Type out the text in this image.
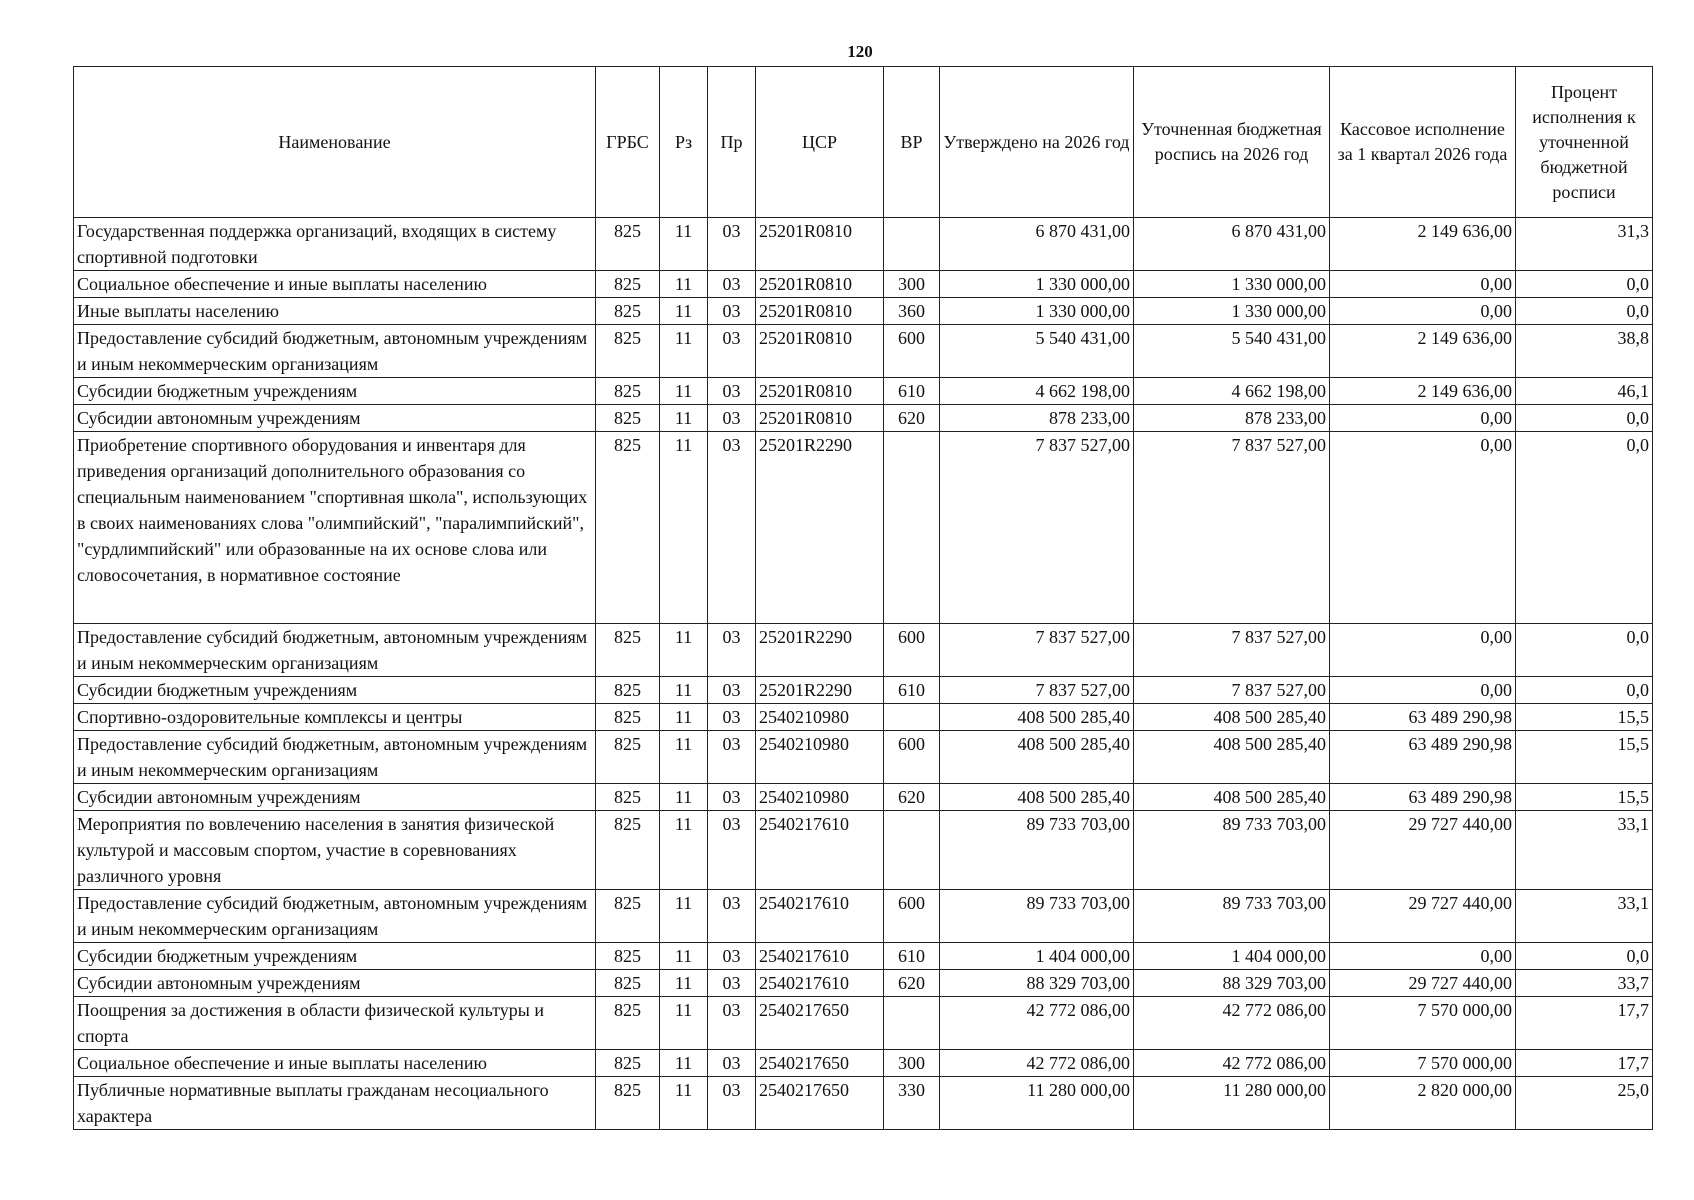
120
Наименование	ГРБС	Рз	Пр	ЦСР	ВР	Утверждено на 2026 год	Уточненная бюджетная роспись на 2026 год	Кассовое исполнение за 1 квартал 2026 года	Процент исполнения к уточненной бюджетной росписи
Государственная поддержка организаций, входящих в систему спортивной подготовки	825	11	03	25201R0810		6 870 431,00	6 870 431,00	2 149 636,00	31,3
Социальное обеспечение и иные выплаты населению	825	11	03	25201R0810	300	1 330 000,00	1 330 000,00	0,00	0,0
Иные выплаты населению	825	11	03	25201R0810	360	1 330 000,00	1 330 000,00	0,00	0,0
Предоставление субсидий бюджетным, автономным учреждениям и иным некоммерческим организациям	825	11	03	25201R0810	600	5 540 431,00	5 540 431,00	2 149 636,00	38,8
Субсидии бюджетным учреждениям	825	11	03	25201R0810	610	4 662 198,00	4 662 198,00	2 149 636,00	46,1
Субсидии автономным учреждениям	825	11	03	25201R0810	620	878 233,00	878 233,00	0,00	0,0
Приобретение спортивного оборудования и инвентаря для приведения организаций дополнительного образования со специальным наименованием "спортивная школа", использующих в своих наименованиях слова "олимпийский", "паралимпийский", "сурдлимпийский" или образованные на их основе слова или словосочетания, в нормативное состояние	825	11	03	25201R2290		7 837 527,00	7 837 527,00	0,00	0,0
Предоставление субсидий бюджетным, автономным учреждениям и иным некоммерческим организациям	825	11	03	25201R2290	600	7 837 527,00	7 837 527,00	0,00	0,0
Субсидии бюджетным учреждениям	825	11	03	25201R2290	610	7 837 527,00	7 837 527,00	0,00	0,0
Спортивно-оздоровительные комплексы и центры	825	11	03	2540210980		408 500 285,40	408 500 285,40	63 489 290,98	15,5
Предоставление субсидий бюджетным, автономным учреждениям и иным некоммерческим организациям	825	11	03	2540210980	600	408 500 285,40	408 500 285,40	63 489 290,98	15,5
Субсидии автономным учреждениям	825	11	03	2540210980	620	408 500 285,40	408 500 285,40	63 489 290,98	15,5
Мероприятия по вовлечению населения в занятия физической культурой и массовым спортом, участие в соревнованиях различного уровня	825	11	03	2540217610		89 733 703,00	89 733 703,00	29 727 440,00	33,1
Предоставление субсидий бюджетным, автономным учреждениям и иным некоммерческим организациям	825	11	03	2540217610	600	89 733 703,00	89 733 703,00	29 727 440,00	33,1
Субсидии бюджетным учреждениям	825	11	03	2540217610	610	1 404 000,00	1 404 000,00	0,00	0,0
Субсидии автономным учреждениям	825	11	03	2540217610	620	88 329 703,00	88 329 703,00	29 727 440,00	33,7
Поощрения за достижения в области физической культуры и спорта	825	11	03	2540217650		42 772 086,00	42 772 086,00	7 570 000,00	17,7
Социальное обеспечение и иные выплаты населению	825	11	03	2540217650	300	42 772 086,00	42 772 086,00	7 570 000,00	17,7
Публичные нормативные выплаты гражданам несоциального характера	825	11	03	2540217650	330	11 280 000,00	11 280 000,00	2 820 000,00	25,0
